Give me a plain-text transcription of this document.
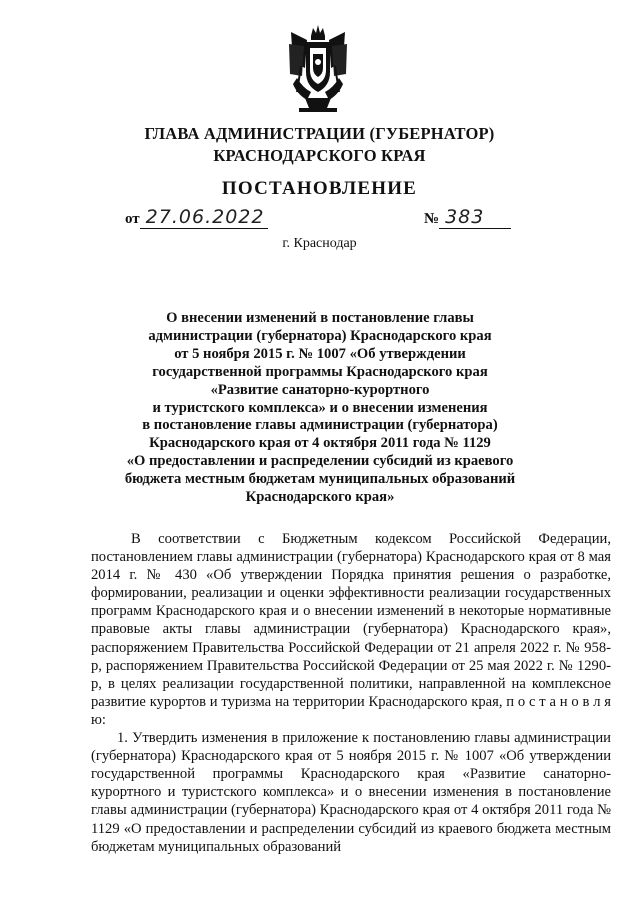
ГЛАВА АДМИНИСТРАЦИИ (ГУБЕРНАТОР)
КРАСНОДАРСКОГО КРАЯ
ПОСТАНОВЛЕНИЕ
от 27.06.2022	№ 383
г. Краснодар
О внесении изменений в постановление главы
администрации (губернатора) Краснодарского края
от 5 ноября 2015 г. № 1007 «Об утверждении
государственной программы Краснодарского края
«Развитие санаторно-курортного
и туристского комплекса» и о внесении изменения
в постановление главы администрации (губернатора)
Краснодарского края от 4 октября 2011 года № 1129
«О предоставлении и распределении субсидий из краевого
бюджета местным бюджетам муниципальных образований
Краснодарского края»

В соответствии с Бюджетным кодексом Российской Федерации, постановлением главы администрации (губернатора) Краснодарского края от 8 мая 2014 г. № 430 «Об утверждении Порядка принятия решения о разработке, формировании, реализации и оценки эффективности реализации государственных программ Краснодарского края и о внесении изменений в некоторые нормативные правовые акты главы администрации (губернатора) Краснодарского края», распоряжением Правительства Российской Федерации от 21 апреля 2022 г. № 958-р, распоряжением Правительства Российской Федерации от 25 мая 2022 г. № 1290-р, в целях реализации государственной политики, направленной на комплексное развитие курортов и туризма на территории Краснодарского края, п о с т а н о в л я ю:

1. Утвердить изменения в приложение к постановлению главы администрации (губернатора) Краснодарского края от 5 ноября 2015 г. № 1007 «Об утверждении государственной программы Краснодарского края «Развитие санаторно-курортного и туристского комплекса» и о внесении изменения в постановление главы администрации (губернатора) Краснодарского края от 4 октября 2011 года № 1129 «О предоставлении и распределении субсидий из краевого бюджета местным бюджетам муниципальных образований
